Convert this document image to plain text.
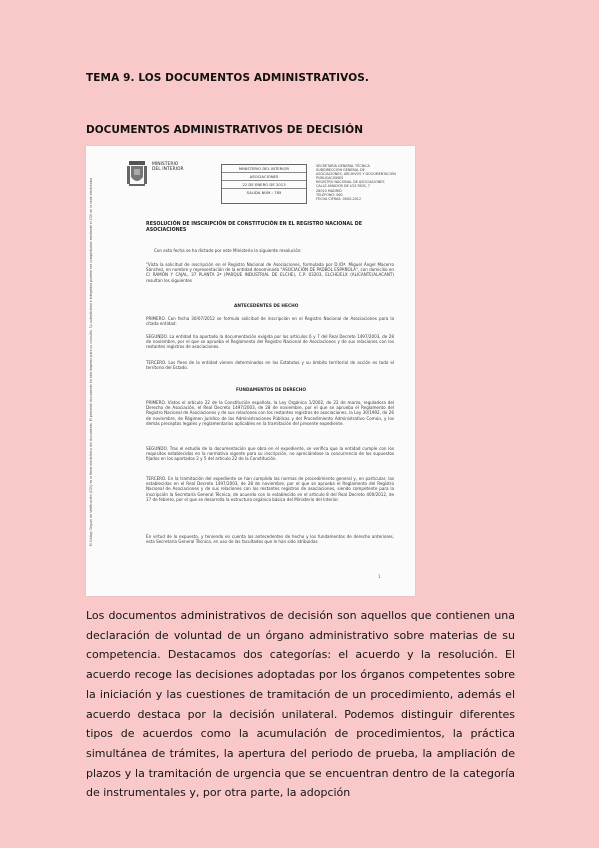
TEMA 9. LOS DOCUMENTOS ADMINISTRATIVOS.
DOCUMENTOS ADMINISTRATIVOS DE DECISIÓN
El Código Seguro de Verificación (CSV) es la firma electrónica del documento. El presente documento ha sido impreso para su consulta. Su autenticidad e integridad pueden ser comprobadas mediante el CSV en la sede electrónica
MINISTERIO
DEL INTERIOR	MINISTERIO DEL INTERIOR
ASOCIACIONES
22 DE ENERO DE 2013
SALIDA NÚM.: 785
SECRETARÍA GENERAL TÉCNICA
SUBDIRECCIÓN GENERAL DE
ASOCIACIONES, ARCHIVOS Y DOCUMENTACIÓN
PUBLICACIONES
REGISTRO NACIONAL DE ASOCIACIONES
CALLE AMADOR DE LOS RÍOS, 7
28010 MADRID
TELÉFONO: 060
FECHA CIFRAS: 0000-2012
RESOLUCIÓN DE INSCRIPCIÓN DE CONSTITUCIÓN EN EL REGISTRO NACIONAL DE ASOCIACIONES
Con esta fecha se ha dictado por este Ministerio la siguiente resolución:
"Vista la solicitud de inscripción en el Registro Nacional de Asociaciones, formulada por D./Dª. Miguel Ángel Macerro Sánchez, en nombre y representación de la entidad denominada "ASOCIACIÓN DE PADBOL ESPAÑOLA", con domicilio en C/ RAMÓN Y CAJAL, 37 PLANTA 2ª (PARQUE INDUSTRIAL DE ELCHE), C.P. 03203, ELCHE/ELX (ALICANTE/ALACANT) resultan los siguientes
ANTECEDENTES DE HECHO
PRIMERO. Con fecha 30/07/2012 se formula solicitud de inscripción en el Registro Nacional de Asociaciones para la citada entidad.
SEGUNDO. La entidad ha aportado la documentación exigida por los artículos 6 y 7 del Real Decreto 1497/2003, de 28 de noviembre, por el que se aprueba el Reglamento del Registro Nacional de Asociaciones y de sus relaciones con los restantes registros de asociaciones.
TERCERO. Los fines de la entidad vienen determinados en los Estatutos y su ámbito territorial de acción es todo el territorio del Estado.
FUNDAMENTOS DE DERECHO
PRIMERO. Vistos el artículo 22 de la Constitución española, la Ley Orgánica 1/2002, de 22 de marzo, reguladora del Derecho de Asociación, el Real Decreto 1497/2003, de 28 de noviembre, por el que se aprueba el Reglamento del Registro Nacional de Asociaciones y de sus relaciones con los restantes registros de asociaciones, la Ley 30/1992, de 26 de noviembre, de Régimen Jurídico de las Administraciones Públicas y del Procedimiento Administrativo Común, y los demás preceptos legales y reglamentarios aplicables en la tramitación del presente expediente.
SEGUNDO. Tras el estudio de la documentación que obra en el expediente, se verifica que la entidad cumple con los requisitos establecidos en la normativa vigente para su inscripción, no apreciándose la concurrencia de los supuestos fijados en los apartados 2 y 5 del artículo 22 de la Constitución.
TERCERO. En la tramitación del expediente se han cumplido las normas de procedimiento general y, en particular, las establecidas en el Real Decreto 1497/2003, de 28 de noviembre, por el que se aprueba el Reglamento del Registro Nacional de Asociaciones y de sus relaciones con los restantes registros de asociaciones, siendo competente para la inscripción la Secretaría General Técnica, de acuerdo con lo establecido en el artículo 8 del Real Decreto 400/2012, de 17 de febrero, por el que se desarrolla la estructura orgánica básica del Ministerio del Interior.
En virtud de lo expuesto, y teniendo en cuenta los antecedentes de hecho y los fundamentos de derecho anteriores, esta Secretaría General Técnica, en uso de las facultades que le han sido atribuidas
1
Los documentos administrativos de decisión son aquellos que contienen una declaración de voluntad de un órgano administrativo sobre materias de su competencia. Destacamos dos categorías: el acuerdo y la resolución. El acuerdo recoge las decisiones adoptadas por los órganos competentes sobre la iniciación y las cuestiones de tramitación de un procedimiento, además el acuerdo destaca por la decisión unilateral. Podemos distinguir diferentes tipos de acuerdos como la acumulación de procedimientos, la práctica simultánea de trámites, la apertura del periodo de prueba, la ampliación de plazos y la tramitación de urgencia que se encuentran dentro de la categoría de instrumentales y, por otra parte, la adopción
